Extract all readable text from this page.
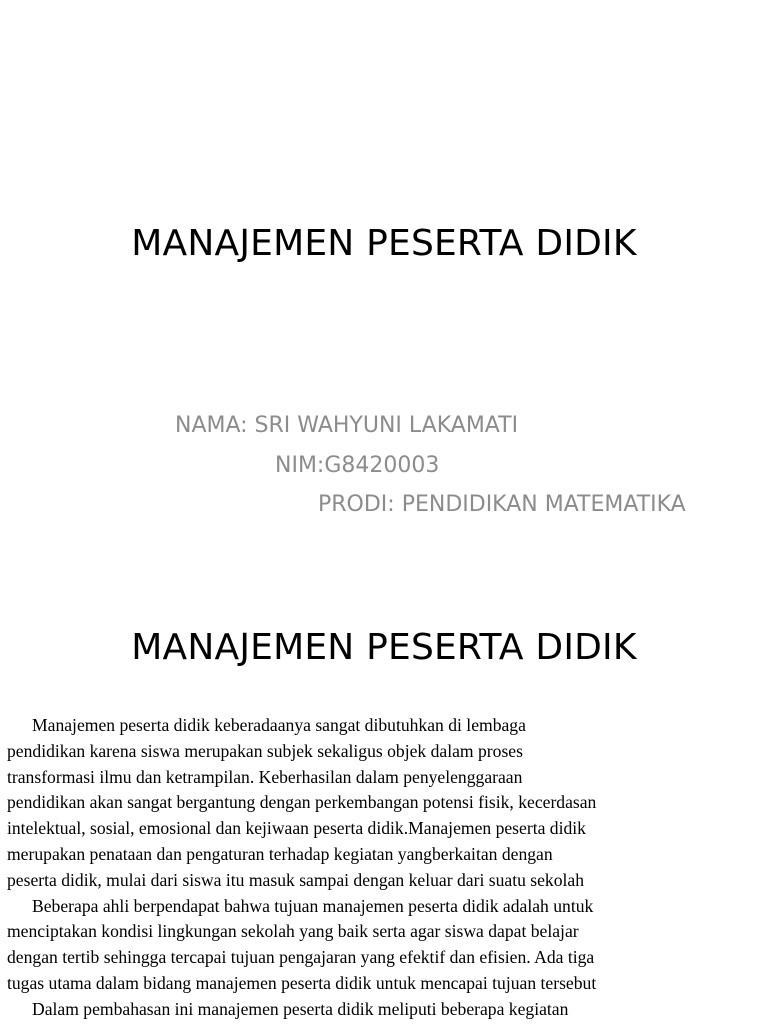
MANAJEMEN PESERTA DIDIK
NAMA: SRI WAHYUNI LAKAMATI
NIM:G8420003
PRODI: PENDIDIKAN MATEMATIKA
MANAJEMEN PESERTA DIDIK
Manajemen peserta didik keberadaanya sangat dibutuhkan di lembaga
pendidikan karena siswa merupakan subjek sekaligus objek dalam proses
transformasi ilmu dan ketrampilan. Keberhasilan dalam penyelenggaraan
pendidikan akan sangat bergantung dengan perkembangan potensi fisik, kecerdasan
intelektual, sosial, emosional dan kejiwaan peserta didik.Manajemen peserta didik
merupakan penataan dan pengaturan terhadap kegiatan yangberkaitan dengan
peserta didik, mulai dari siswa itu masuk sampai dengan keluar dari suatu sekolah
Beberapa ahli berpendapat bahwa tujuan manajemen peserta didik adalah untuk
menciptakan kondisi lingkungan sekolah yang baik serta agar siswa dapat belajar
dengan tertib sehingga tercapai tujuan pengajaran yang efektif dan efisien. Ada tiga
tugas utama dalam bidang manajemen peserta didik untuk mencapai tujuan tersebut
Dalam pembahasan ini manajemen peserta didik meliputi beberapa kegiatan
